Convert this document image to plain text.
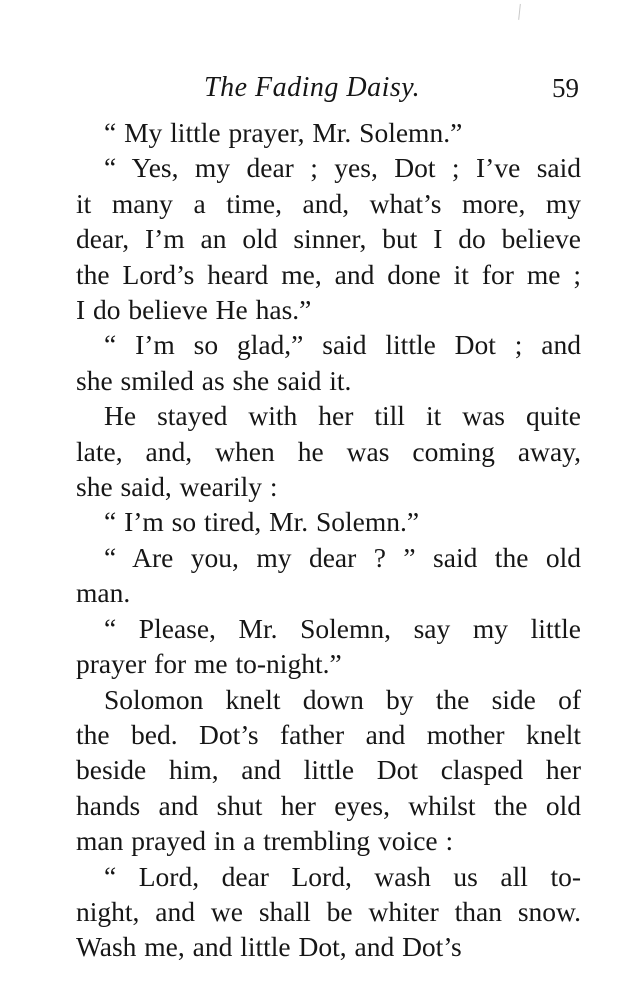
The Fading Daisy.	59

“ My little prayer, Mr. Solemn.”

“ Yes, my dear ; yes, Dot ; I’ve said

it many a time, and, what’s more, my

dear, I’m an old sinner, but I do believe

the Lord’s heard me, and done it for me ;

I do believe He has.”

“ I’m so glad,” said little Dot ; and

she smiled as she said it.

He stayed with her till it was quite

late, and, when he was coming away,

she said, wearily :

“ I’m so tired, Mr. Solemn.”

“ Are you, my dear ? ” said the old

man.

“ Please, Mr. Solemn, say my little

prayer for me to-night.”

Solomon knelt down by the side of

the bed. Dot’s father and mother knelt

beside him, and little Dot clasped her

hands and shut her eyes, whilst the old

man prayed in a trembling voice :

“ Lord, dear Lord, wash us all to-

night, and we shall be whiter than snow.

Wash me, and little Dot, and Dot’s
